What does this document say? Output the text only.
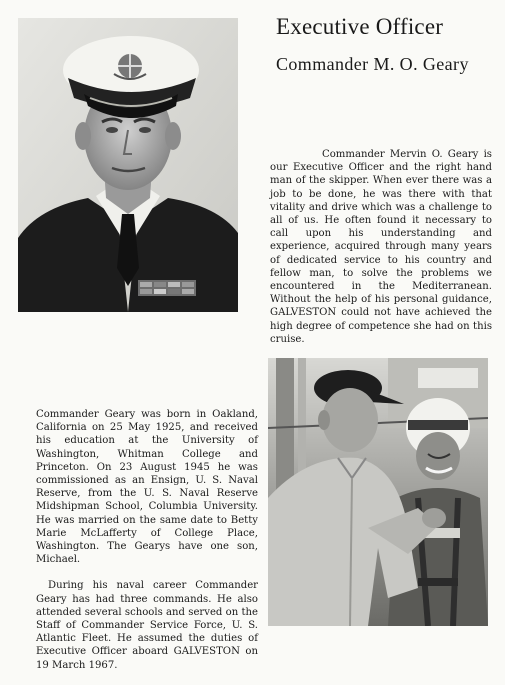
Executive Officer
Commander M. O. Geary
Commander Mervin O. Geary is our Executive Officer and the right hand man of the skipper. When ever there was a job to be done, he was there with that vitality and drive which was a challenge to all of us. He often found it necessary to call upon his understanding and experience, acquired through many years of dedicated service to his country and fellow man, to solve the problems we encountered in the Mediterranean. Without the help of his personal guidance, GALVESTON could not have achieved the high degree of competence she had on this cruise.

Commander Geary was born in Oakland, California on 25 May 1925, and received his education at the University of Washington, Whitman College and Princeton. On 23 August 1945 he was commissioned as an Ensign, U. S. Naval Reserve, from the U. S. Naval Reserve Midshipman School, Columbia University. He was married on the same date to Betty Marie McLafferty of College Place, Washington. The Gearys have one son, Michael.

During his naval career Commander Geary has had three commands. He also attended several schools and served on the Staff of Commander Service Force, U. S. Atlantic Fleet. He assumed the duties of Executive Officer aboard GALVESTON on 19 March 1967.
